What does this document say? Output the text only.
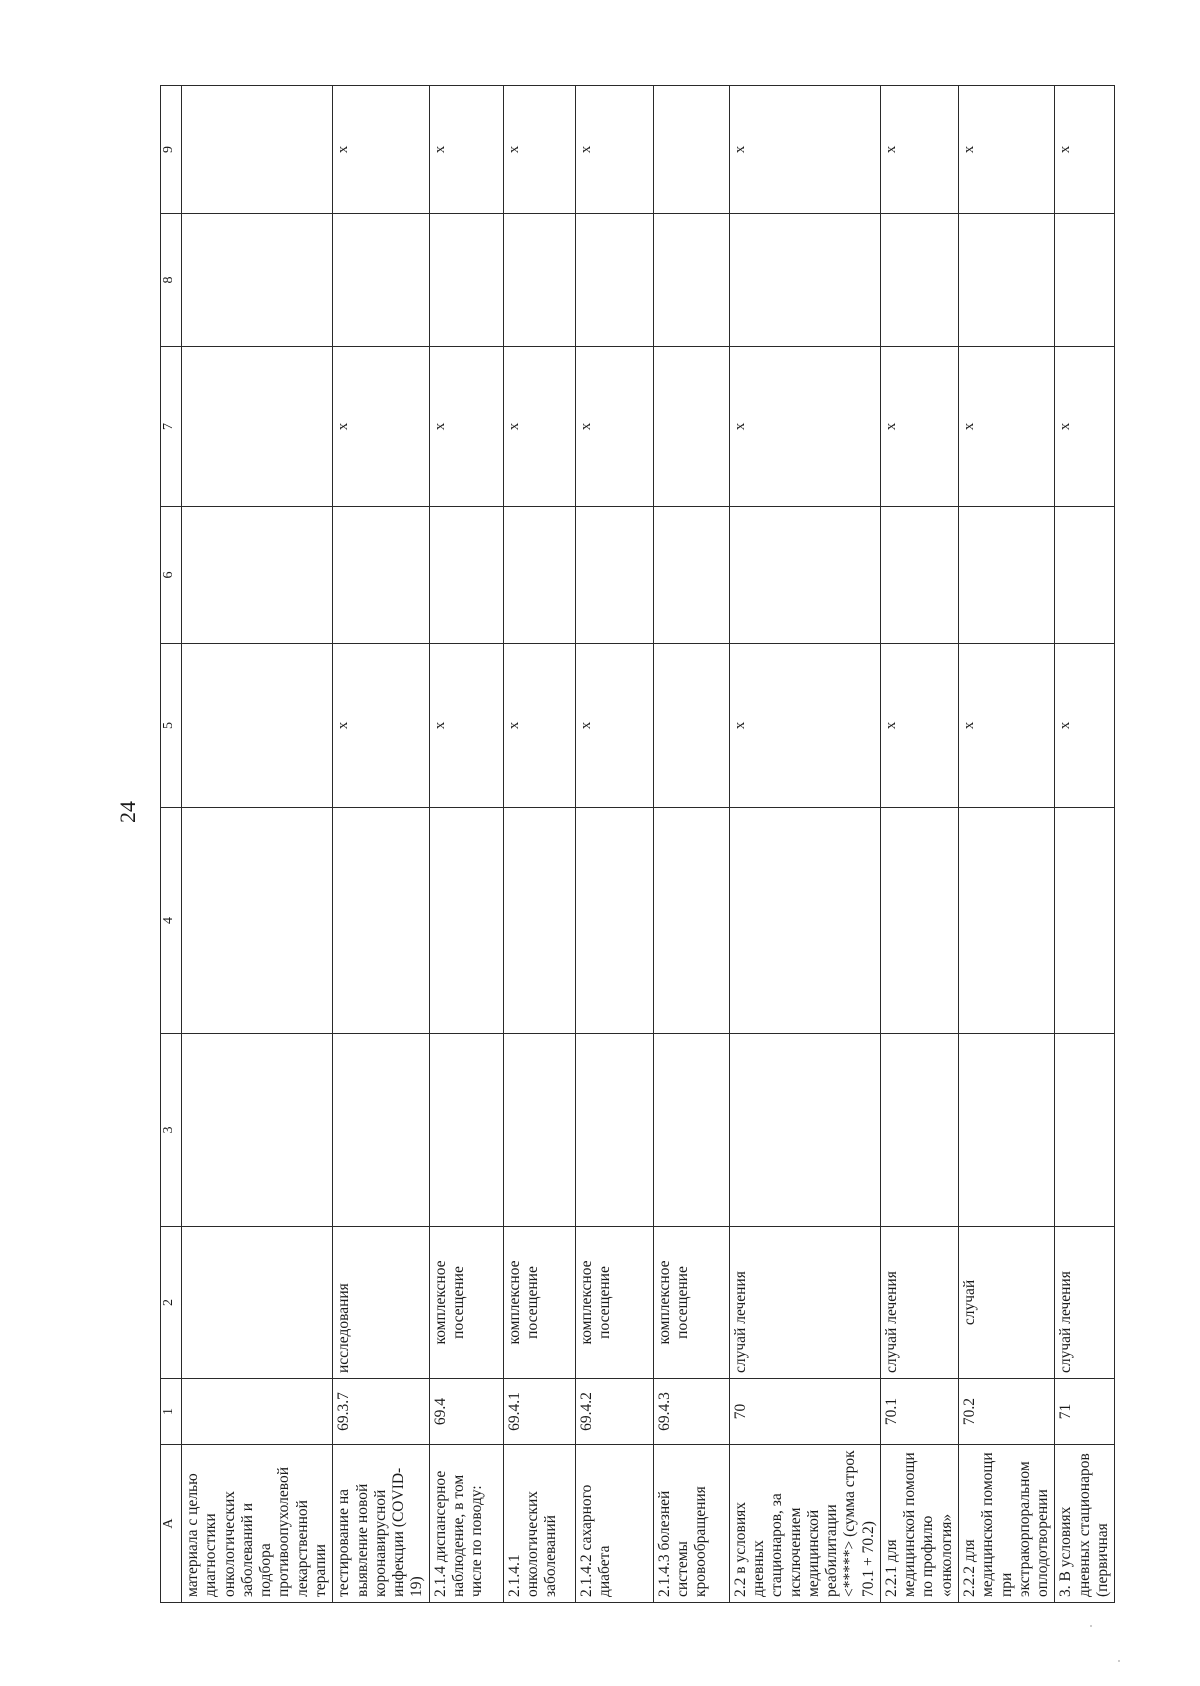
24
А	1	2	3	4	5	6	7	8	9
материала с целью диагностики онкологических заболеваний и подбора противоопухолевой лекарственной терапии									
тестирование на выявление новой коронавирусной инфекции (COVID-19)	69.3.7	исследования			x		x		x
2.1.4 диспансерное наблюдение, в том числе по поводу:	69.4	комплексное посещение			x		x		x
2.1.4.1 онкологических заболеваний	69.4.1	комплексное посещение			x		x		x
2.1.4.2 сахарного диабета	69.4.2	комплексное посещение			x		x		x
2.1.4.3 болезней системы кровообращения	69.4.3	комплексное посещение							
2.2 в условиях дневных стационаров, за исключением медицинской реабилитации <*****> (сумма строк 70.1 + 70.2)	70	случай лечения			x		x		x
2.2.1 для медицинской помощи по профилю «онкология»	70.1	случай лечения			x		x		x
2.2.2 для медицинской помощи при экстракорпоральном оплодотворении	70.2	случай			x		x		x
3. В условиях дневных стационаров (первичная	71	случай лечения			x		x		x
